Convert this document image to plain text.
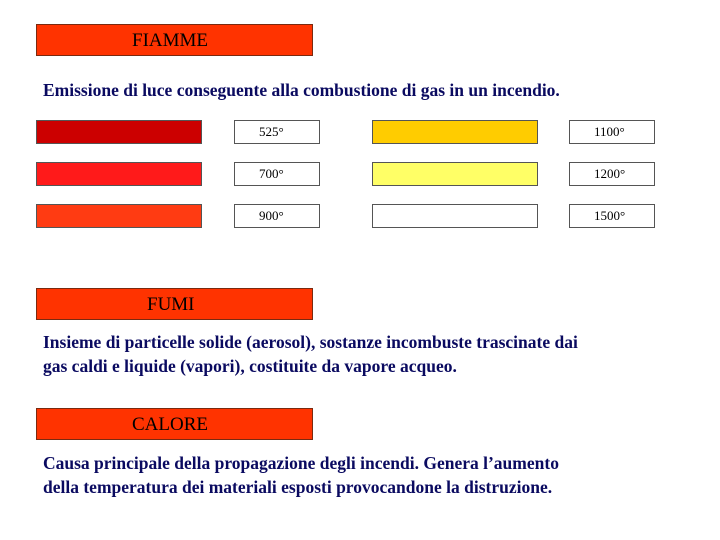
FIAMME
Emissione di luce conseguente alla combustione di gas in un incendio.
525°
700°
900°
1100°
1200°
1500°
FUMI
Insieme di particelle solide (aerosol), sostanze incombuste trascinate dai
gas caldi e liquide (vapori), costituite da vapore acqueo.
CALORE
Causa principale della propagazione degli incendi. Genera l’aumento
della temperatura dei materiali esposti provocandone la distruzione.
